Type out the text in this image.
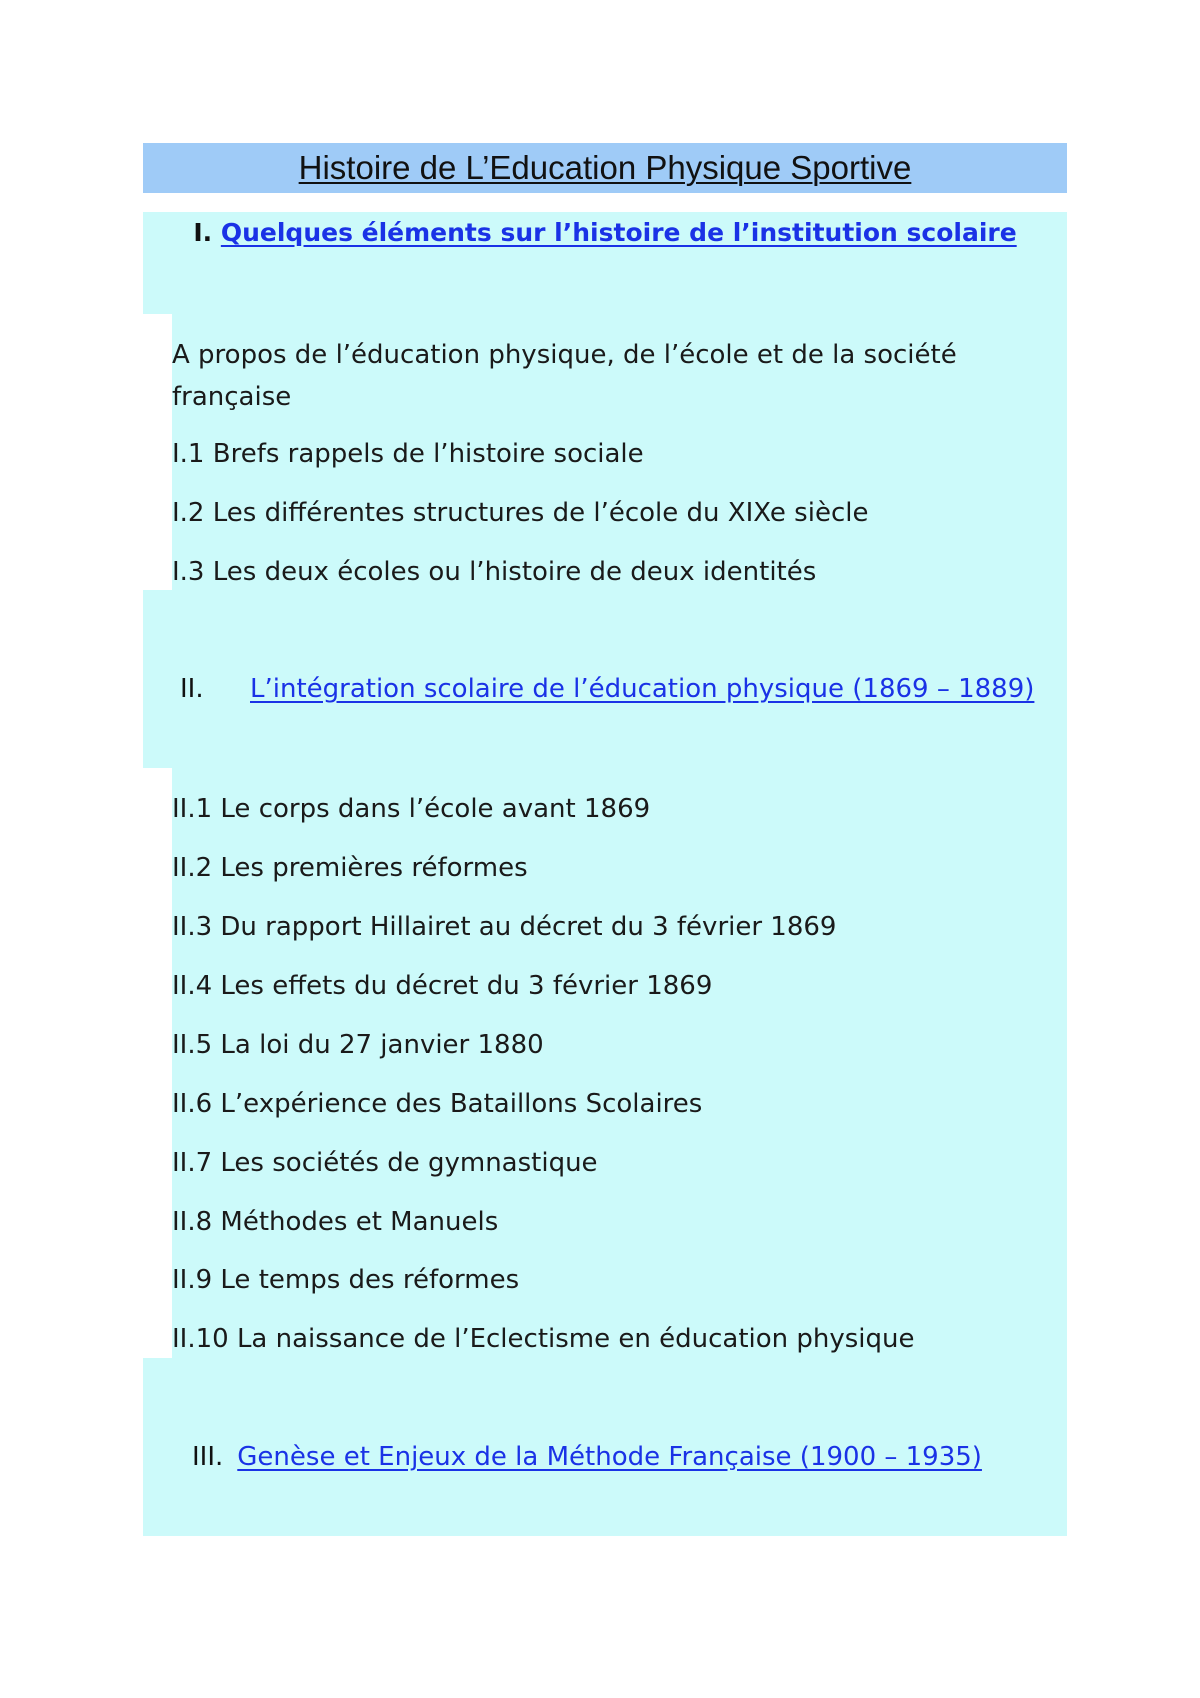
Histoire de L’Education Physique Sportive
I. Quelques éléments sur l’histoire de l’institution scolaire
A propos de l’éducation physique, de l’école et de la société
française
I.1 Brefs rappels de l’histoire sociale
I.2 Les différentes structures de l’école du XIXe siècle
I.3 Les deux écoles ou l’histoire de deux identités
II. L’intégration scolaire de l’éducation physique (1869 – 1889)
II.1 Le corps dans l’école avant 1869
II.2 Les premières réformes
II.3 Du rapport Hillairet au décret du 3 février 1869
II.4 Les effets du décret du 3 février 1869
II.5 La loi du 27 janvier 1880
II.6 L’expérience des Bataillons Scolaires
II.7 Les sociétés de gymnastique
II.8 Méthodes et Manuels
II.9 Le temps des réformes
II.10 La naissance de l’Eclectisme en éducation physique
III. Genèse et Enjeux de la Méthode Française (1900 – 1935)
